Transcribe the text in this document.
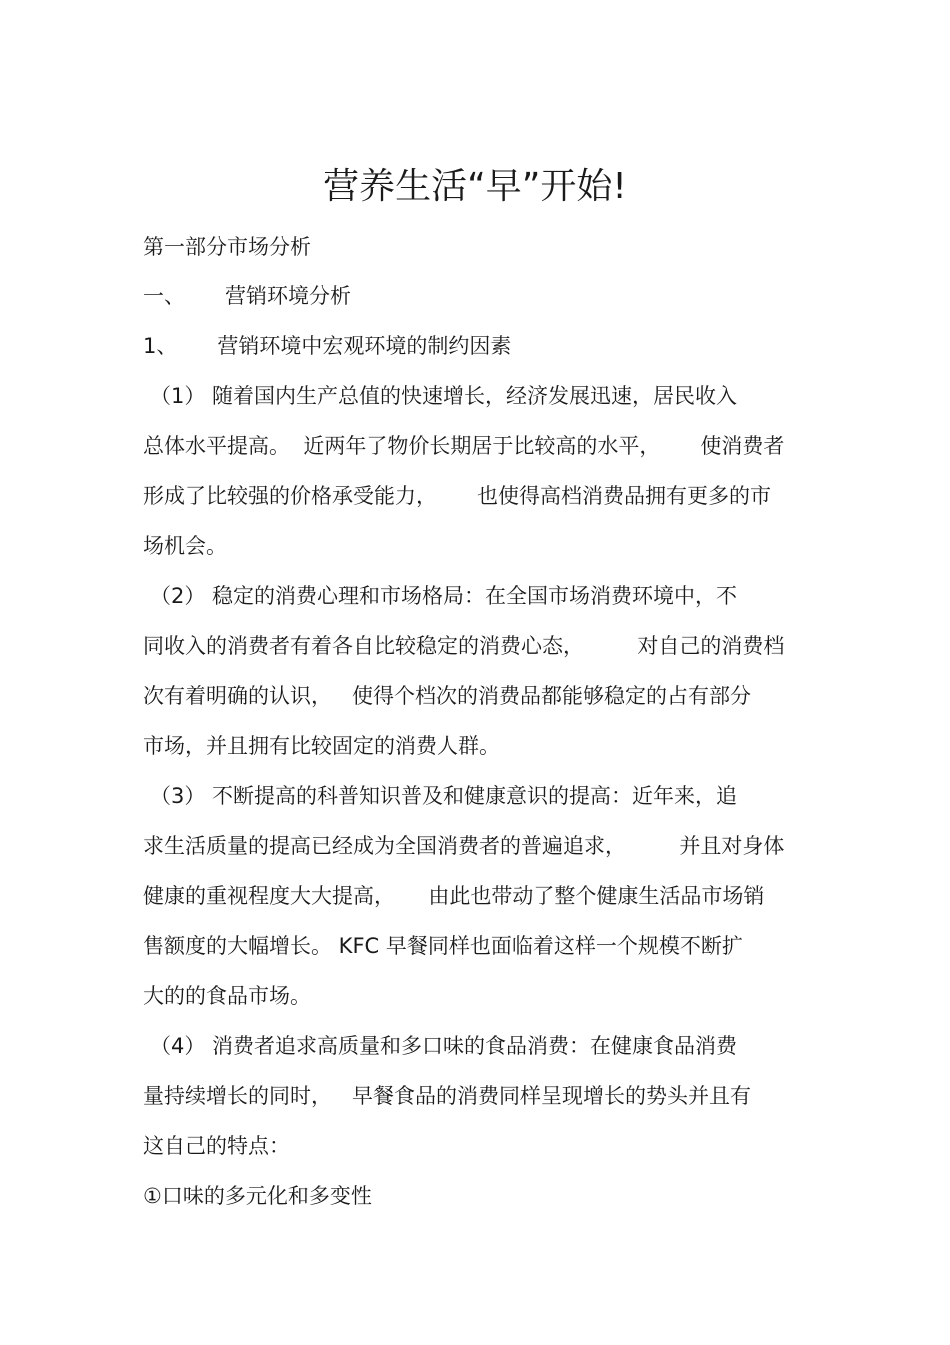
营养生活“早”开始!

第一部分市场分析

一、      营销环境分析

1、      营销环境中宏观环境的制约因素

（1） 随着国内生产总值的快速增长，经济发展迅速，居民收入

总体水平提高。  近两年了物价长期居于比较高的水平，      使消费者

形成了比较强的价格承受能力，      也使得高档消费品拥有更多的市

场机会。

（2） 稳定的消费心理和市场格局：在全国市场消费环境中，不

同收入的消费者有着各自比较稳定的消费心态，        对自己的消费档

次有着明确的认识，   使得个档次的消费品都能够稳定的占有部分

市场，并且拥有比较固定的消费人群。

（3） 不断提高的科普知识普及和健康意识的提高：近年来，追

求生活质量的提高已经成为全国消费者的普遍追求，        并且对身体

健康的重视程度大大提高，     由此也带动了整个健康生活品市场销

售额度的大幅增长。 KFC 早餐同样也面临着这样一个规模不断扩

大的的食品市场。

（4） 消费者追求高质量和多口味的食品消费：在健康食品消费

量持续增长的同时，   早餐食品的消费同样呈现增长的势头并且有

这自己的特点：

①口味的多元化和多变性
